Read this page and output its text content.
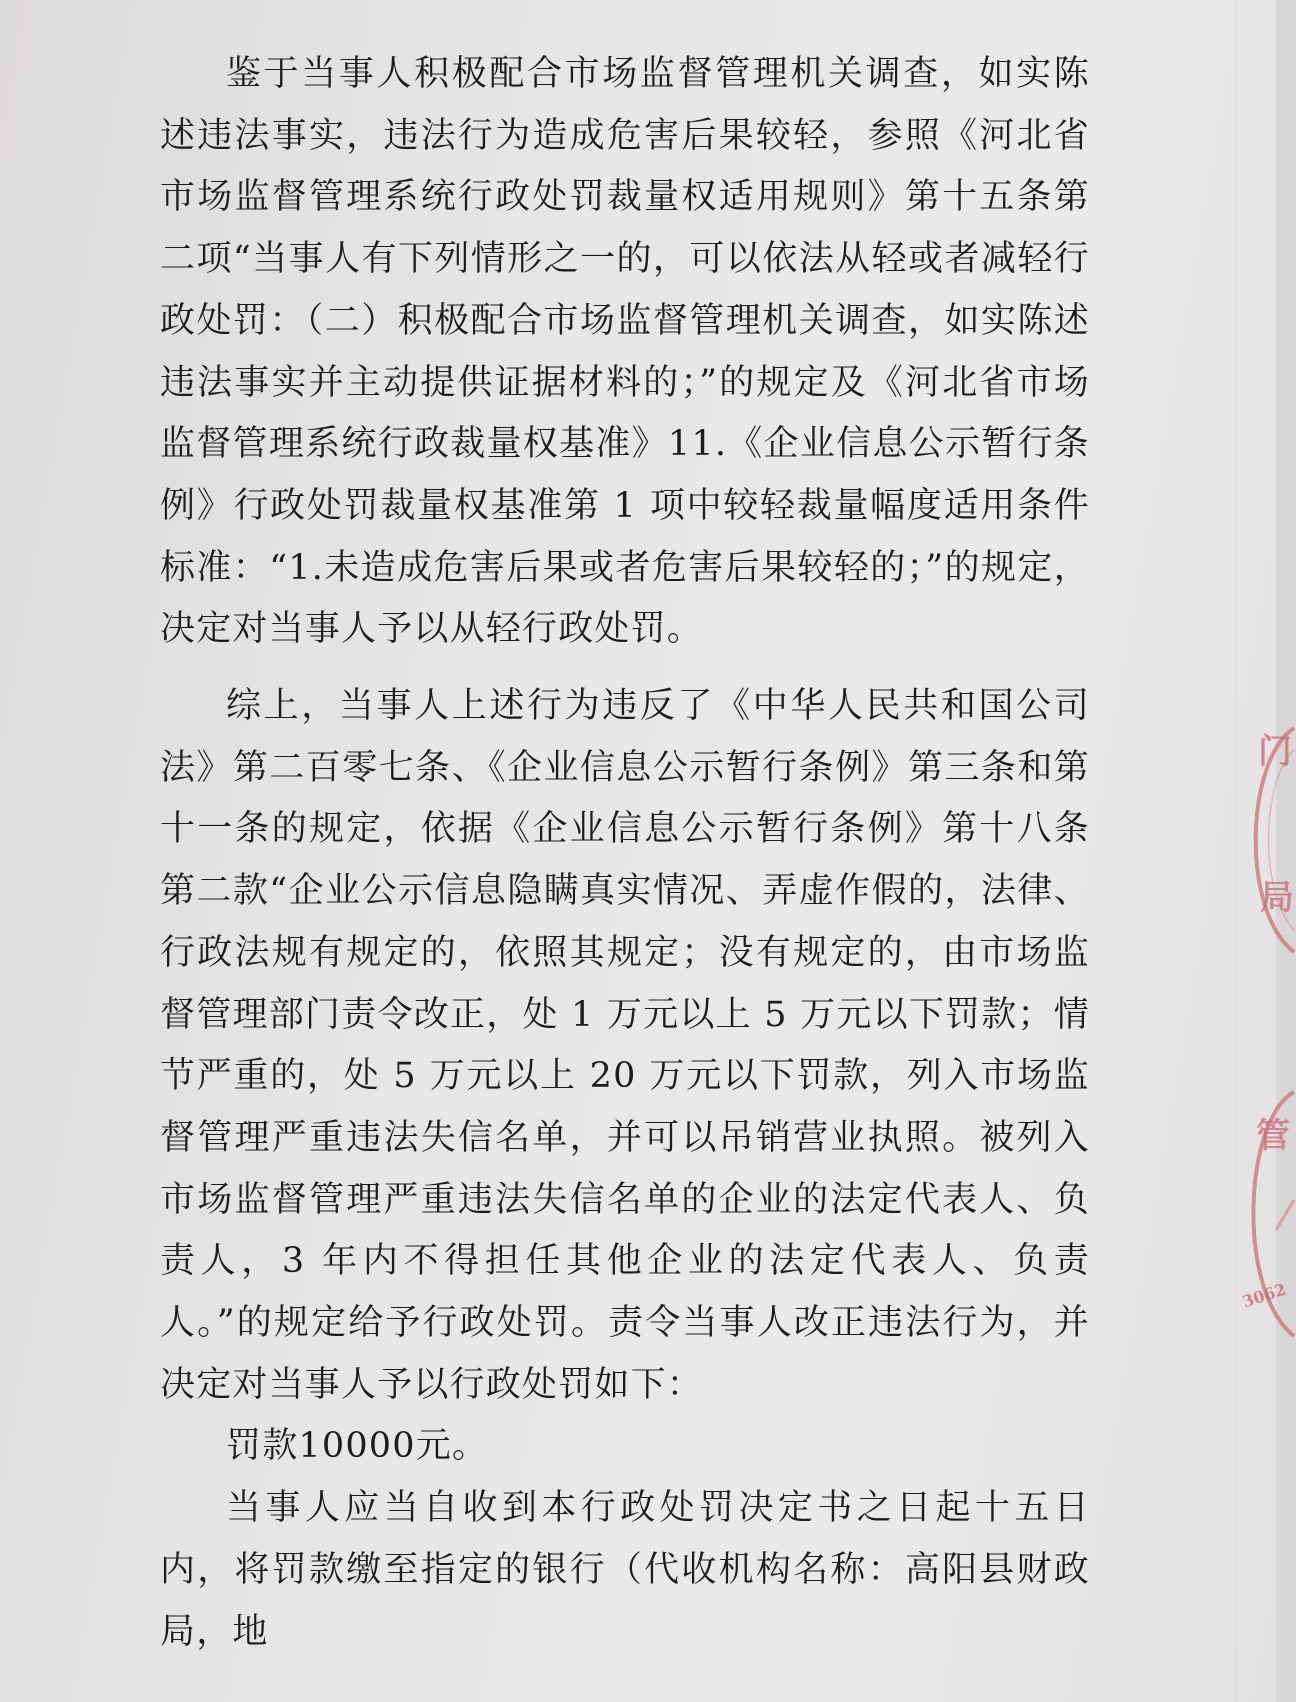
鉴于当事人积极配合市场监督管理机关调查，如实陈述违法事实，违法行为造成危害后果较轻，参照《河北省市场监督管理系统行政处罚裁量权适用规则》第十五条第二项“当事人有下列情形之一的，可以依法从轻或者减轻行政处罚：（二）积极配合市场监督管理机关调查，如实陈述违法事实并主动提供证据材料的；”的规定及《河北省市场监督管理系统行政裁量权基准》11.《企业信息公示暂行条例》行政处罚裁量权基准第 1 项中较轻裁量幅度适用条件标准：“1.未造成危害后果或者危害后果较轻的；”的规定，决定对当事人予以从轻行政处罚。

综上，当事人上述行为违反了《中华人民共和国公司法》第二百零七条、《企业信息公示暂行条例》第三条和第十一条的规定，依据《企业信息公示暂行条例》第十八条第二款“企业公示信息隐瞒真实情况、弄虚作假的，法律、行政法规有规定的，依照其规定；没有规定的，由市场监督管理部门责令改正，处 1 万元以上 5 万元以下罚款；情节严重的，处 5 万元以上 20 万元以下罚款，列入市场监督管理严重违法失信名单，并可以吊销营业执照。被列入市场监督管理严重违法失信名单的企业的法定代表人、负责人，3 年内不得担任其他企业的法定代表人、负责人。”的规定给予行政处罚。责令当事人改正违法行为，并决定对当事人予以行政处罚如下：

罚款10000元。

当事人应当自收到本行政处罚决定书之日起十五日内，将罚款缴至指定的银行（代收机构名称：高阳县财政局，地

门
局
管
3062
